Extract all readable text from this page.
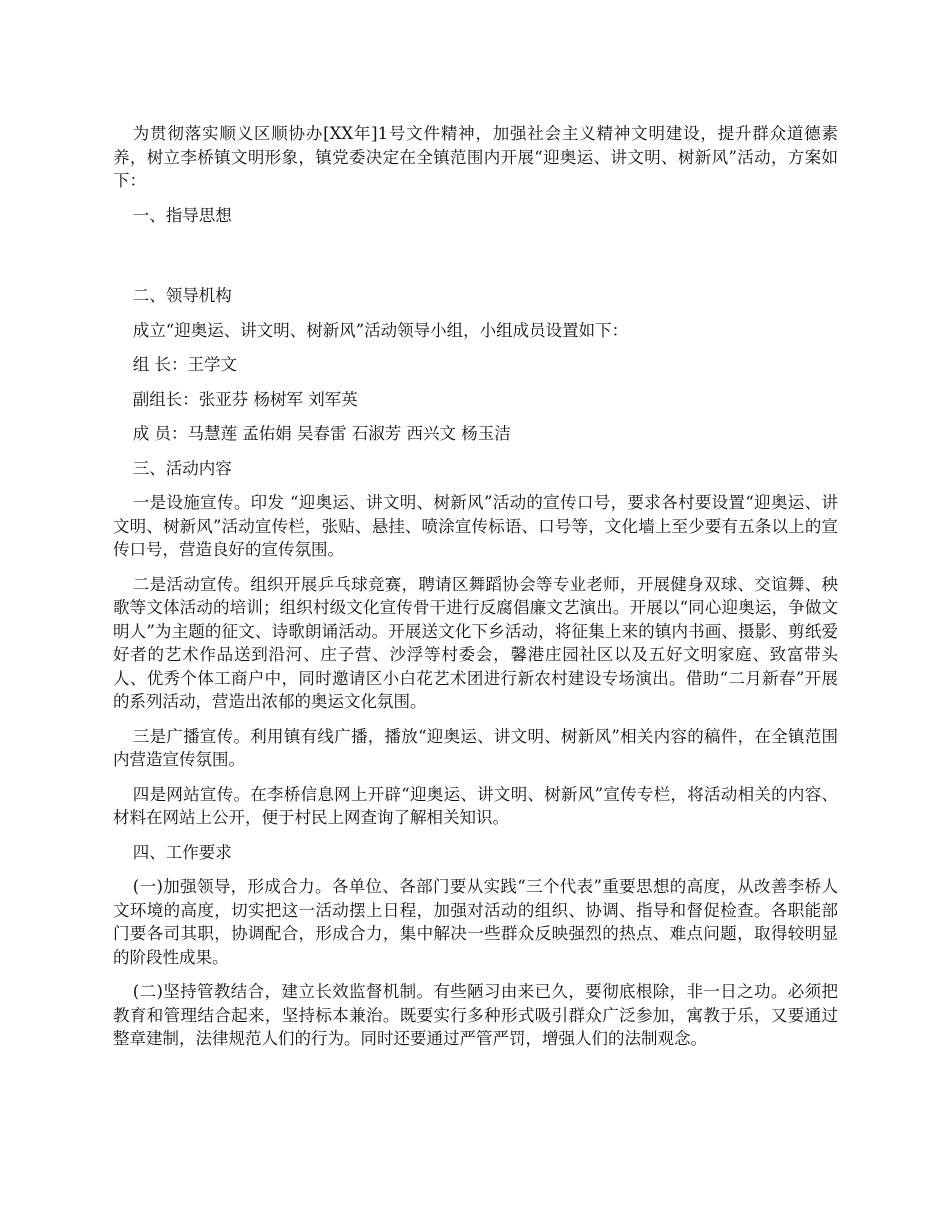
为贯彻落实顺义区顺协办[XX年]1号文件精神，加强社会主义精神文明建设，提升群众道德素养，树立李桥镇文明形象，镇党委决定在全镇范围内开展“迎奥运、讲文明、树新风”活动，方案如下：

一、指导思想

二、领导机构

成立“迎奥运、讲文明、树新风”活动领导小组，小组成员设置如下：

组 长：王学文

副组长：张亚芬 杨树军 刘军英

成 员：马慧莲 孟佑娟 吴春雷 石淑芳 西兴文 杨玉洁

三、活动内容

一是设施宣传。印发 “迎奥运、讲文明、树新风”活动的宣传口号，要求各村要设置“迎奥运、讲文明、树新风”活动宣传栏，张贴、悬挂、喷涂宣传标语、口号等，文化墙上至少要有五条以上的宣传口号，营造良好的宣传氛围。

二是活动宣传。组织开展乒乓球竞赛，聘请区舞蹈协会等专业老师，开展健身双球、交谊舞、秧歌等文体活动的培训；组织村级文化宣传骨干进行反腐倡廉文艺演出。开展以“同心迎奥运，争做文明人”为主题的征文、诗歌朗诵活动。开展送文化下乡活动，将征集上来的镇内书画、摄影、剪纸爱好者的艺术作品送到沿河、庄子营、沙浮等村委会，馨港庄园社区以及五好文明家庭、致富带头人、优秀个体工商户中，同时邀请区小白花艺术团进行新农村建设专场演出。借助“二月新春”开展的系列活动，营造出浓郁的奥运文化氛围。

三是广播宣传。利用镇有线广播，播放“迎奥运、讲文明、树新风”相关内容的稿件，在全镇范围内营造宣传氛围。

四是网站宣传。在李桥信息网上开辟“迎奥运、讲文明、树新风”宣传专栏，将活动相关的内容、材料在网站上公开，便于村民上网查询了解相关知识。

四、工作要求

(一)加强领导，形成合力。各单位、各部门要从实践“三个代表”重要思想的高度，从改善李桥人文环境的高度，切实把这一活动摆上日程，加强对活动的组织、协调、指导和督促检查。各职能部门要各司其职，协调配合，形成合力，集中解决一些群众反映强烈的热点、难点问题，取得较明显的阶段性成果。

(二)坚持管教结合，建立长效监督机制。有些陋习由来已久，要彻底根除，非一日之功。必须把教育和管理结合起来，坚持标本兼治。既要实行多种形式吸引群众广泛参加，寓教于乐，又要通过整章建制，法律规范人们的行为。同时还要通过严管严罚，增强人们的法制观念。
